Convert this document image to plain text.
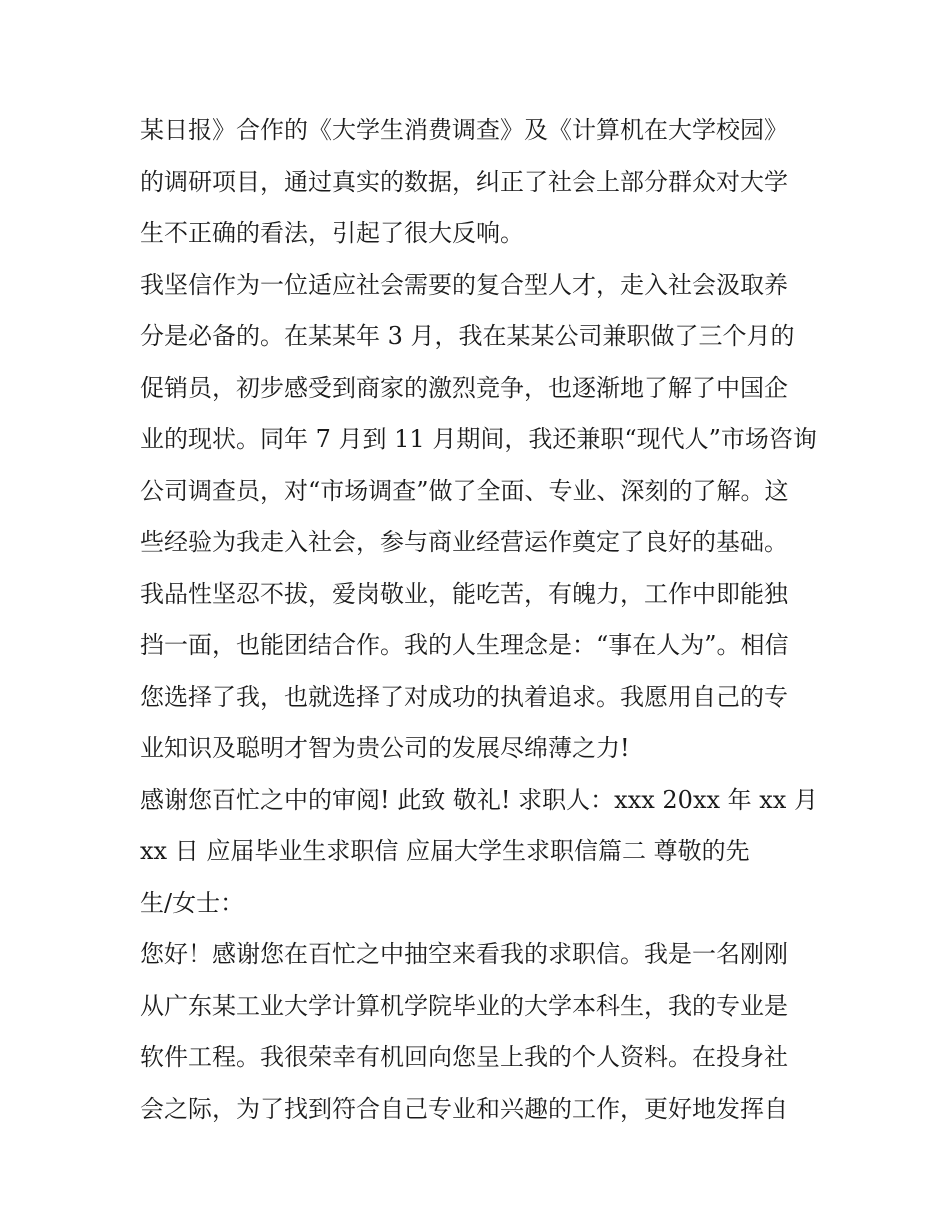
某日报》合作的《大学生消费调查》及《计算机在大学校园》
的调研项目，通过真实的数据，纠正了社会上部分群众对大学
生不正确的看法，引起了很大反响。
我坚信作为一位适应社会需要的复合型人才，走入社会汲取养
分是必备的。在某某年 3 月，我在某某公司兼职做了三个月的
促销员，初步感受到商家的激烈竞争，也逐渐地了解了中国企
业的现状。同年 7 月到 11 月期间，我还兼职“现代人”市场咨询
公司调查员，对“市场调查”做了全面、专业、深刻的了解。这
些经验为我走入社会，参与商业经营运作奠定了良好的基础。
我品性坚忍不拔，爱岗敬业，能吃苦，有魄力，工作中即能独
挡一面，也能团结合作。我的人生理念是：“事在人为”。相信
您选择了我，也就选择了对成功的执着追求。我愿用自己的专
业知识及聪明才智为贵公司的发展尽绵薄之力!
感谢您百忙之中的审阅! 此致 敬礼! 求职人：xxx 20xx 年 xx 月
xx 日 应届毕业生求职信 应届大学生求职信篇二 尊敬的先
生/女士：
您好！感谢您在百忙之中抽空来看我的求职信。我是一名刚刚
从广东某工业大学计算机学院毕业的大学本科生，我的专业是
软件工程。我很荣幸有机回向您呈上我的个人资料。在投身社
会之际，为了找到符合自己专业和兴趣的工作，更好地发挥自
